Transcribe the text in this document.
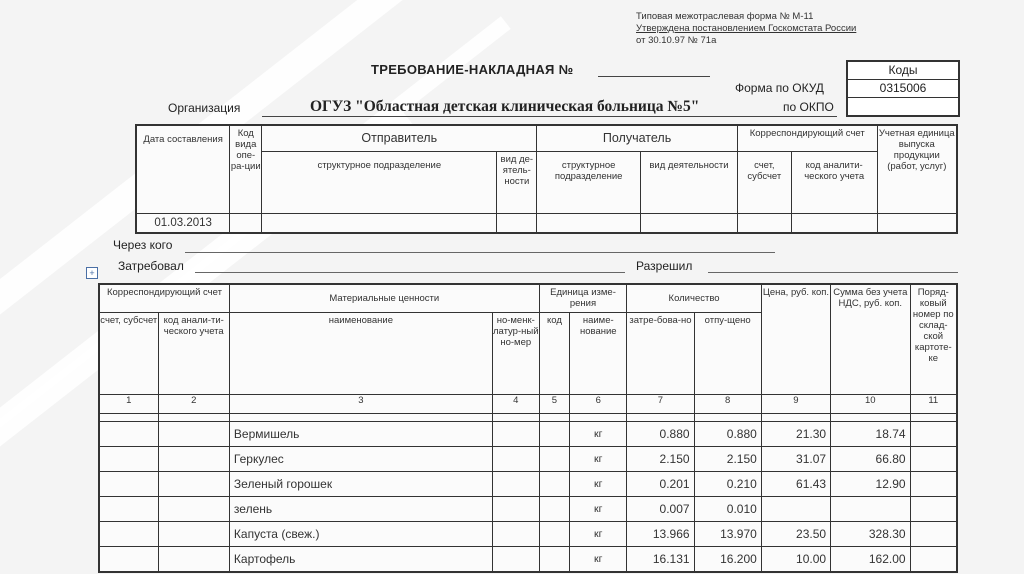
Типовая межотраслевая форма № М-11
Утверждена постановлением Госкомстата России
от 30.10.97 № 71а
ТРЕБОВАНИЕ-НАКЛАДНАЯ №	Коды
0315006
Форма по ОКУД
по ОКПО
Организация	ОГУЗ "Областная детская клиническая больница №5"
Дата составления	Код вида опе-ра-ции	Отправитель		Получатель		Корреспондирующий счет		Учетная единица выпуска продукции (работ, услуг)
		структурное подразделение	вид де-ятель-ности	структурное подразделение	вид деятельности	счет, субсчет	код аналити-ческого учета	
01.03.2013								
Через кого
+ Затребовал	Разрешил
Корреспондирующий счет		Материальные ценности		Единица изме-рения		Количество		Цена, руб. коп.	Сумма без учета НДС, руб. коп.	Поряд-ковый номер по склад-ской картоте-ке
счет, субсчет	код анали-ти-ческого учета	наименование	но-менк-латур-ный но-мер	код	наиме-нование	затре-бова-но	отпу-щено			
1	2	3	4	5	6	7	8	9	10	11

		Вермишель			кг	0.880	0.880	21.30	18.74	
		Геркулес			кг	2.150	2.150	31.07	66.80	
		Зеленый горошек			кг	0.201	0.210	61.43	12.90	
		зелень			кг	0.007	0.010			
		Капуста (свеж.)			кг	13.966	13.970	23.50	328.30	
		Картофель			кг	16.131	16.200	10.00	162.00	
